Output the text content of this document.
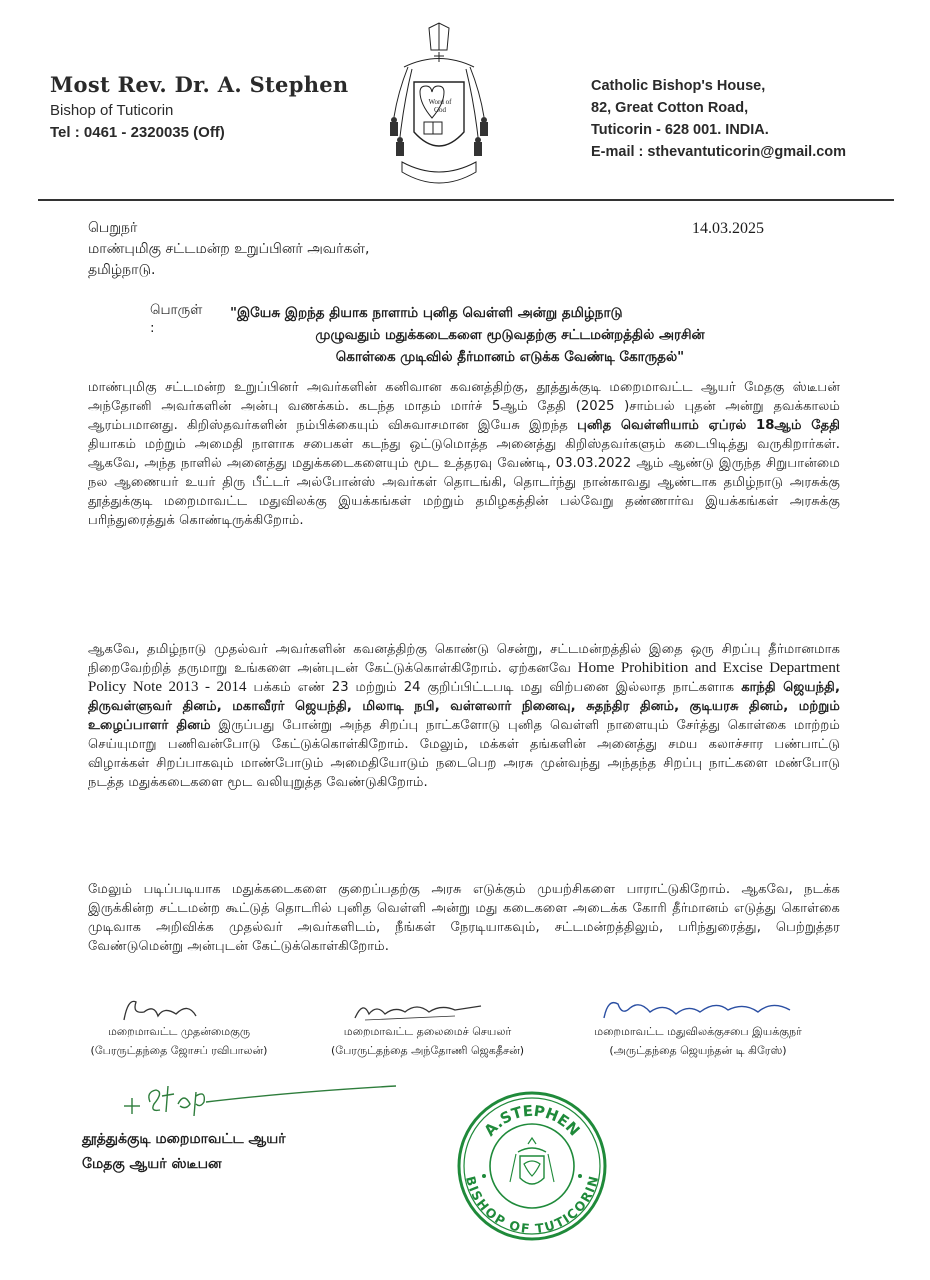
Most Rev. Dr. A. Stephen
Bishop of Tuticorin
Tel : 0461 - 2320035 (Off)
Word of God
Catholic Bishop's House,
82, Great Cotton Road,
Tuticorin - 628 001. INDIA.
E-mail : sthevantuticorin@gmail.com
பெறுநர்
மாண்புமிகு சட்டமன்ற உறுப்பினர் அவர்கள்,
தமிழ்நாடு.
14.03.2025
பொருள் :
"இயேசு இறந்த தியாக நாளாம் புனித வெள்ளி அன்று தமிழ்நாடு
முழுவதும் மதுக்கடைகளை மூடுவதற்கு சட்டமன்றத்தில் அரசின்
கொள்கை முடிவில் தீர்மானம் எடுக்க வேண்டி கோருதல்"
மாண்புமிகு சட்டமன்ற உறுப்பினர் அவர்களின் கனிவான கவனத்திற்கு, தூத்துக்குடி மறைமாவட்ட ஆயர் மேதகு ஸ்டீபன் அந்தோனி அவர்களின் அன்பு வணக்கம். கடந்த மாதம் மார்ச் 5ஆம் தேதி (2025 )சாம்பல் புதன் அன்று தவக்காலம் ஆரம்பமானது. கிறிஸ்தவர்களின் நம்பிக்கையும் விசுவாசமான இயேசு இறந்த புனித வெள்ளியாம் ஏப்ரல் 18ஆம் தேதி தியாகம் மற்றும் அமைதி நாளாக சபைகள் கடந்து ஒட்டுமொத்த அனைத்து கிறிஸ்தவர்களும் கடைபிடித்து வருகிறார்கள். ஆகவே, அந்த நாளில் அனைத்து மதுக்கடைகளையும் மூட உத்தரவு வேண்டி, 03.03.2022 ஆம் ஆண்டு இருந்த சிறுபான்மை நல ஆணையர் உயர் திரு பீட்டர் அல்போன்ஸ் அவர்கள் தொடங்கி, தொடர்ந்து நான்காவது ஆண்டாக தமிழ்நாடு அரசுக்கு தூத்துக்குடி மறைமாவட்ட மதுவிலக்கு இயக்கங்கள் மற்றும் தமிழகத்தின் பல்வேறு தண்ணார்வ இயக்கங்கள் அரசுக்கு பரிந்துரைத்துக் கொண்டிருக்கிறோம்.
ஆகவே, தமிழ்நாடு முதல்வர் அவர்களின் கவனத்திற்கு கொண்டு சென்று, சட்டமன்றத்தில் இதை ஒரு சிறப்பு தீர்மானமாக நிறைவேற்றித் தருமாறு உங்களை அன்புடன் கேட்டுக்கொள்கிறோம். ஏற்கனவே Home Prohibition and Excise Department Policy Note 2013 - 2014 பக்கம் எண் 23 மற்றும் 24 குறிப்பிட்டபடி மது விற்பனை இல்லாத நாட்களாக காந்தி ஜெயந்தி, திருவள்ளுவர் தினம், மகாவீரர் ஜெயந்தி, மிலாடி நபி, வள்ளலார் நினைவு, சுதந்திர தினம், குடியரசு தினம், மற்றும் உழைப்பாளர் தினம் இருப்பது போன்று அந்த சிறப்பு நாட்களோடு புனித வெள்ளி நாளையும் சேர்த்து கொள்கை மாற்றம் செய்யுமாறு பணிவன்போடு கேட்டுக்கொள்கிறோம். மேலும், மக்கள் தங்களின் அனைத்து சமய கலாச்சார பண்பாட்டு விழாக்கள் சிறப்பாகவும் மாண்போடும் அமைதியோடும் நடைபெற அரசு முன்வந்து அந்தந்த சிறப்பு நாட்களை மண்போடு நடத்த மதுக்கடைகளை மூட வலியுறுத்த வேண்டுகிறோம்.
மேலும் படிப்படியாக மதுக்கடைகளை குறைப்பதற்கு அரசு எடுக்கும் முயற்சிகளை பாராட்டுகிறோம். ஆகவே, நடக்க இருக்கின்ற சட்டமன்ற கூட்டுத் தொடரில் புனித வெள்ளி அன்று மது கடைகளை அடைக்க கோரி தீர்மானம் எடுத்து கொள்கை முடிவாக அறிவிக்க முதல்வர் அவர்களிடம், நீங்கள் நேரடியாகவும், சட்டமன்றத்திலும், பரிந்துரைத்து, பெற்றுத்தர வேண்டுமென்று அன்புடன் கேட்டுக்கொள்கிறோம்.
மறைமாவட்ட முதன்மைகுரு
(பேரருட்தந்தை ஜோசப் ரவிபாலன்)
மறைமாவட்ட தலைமைச் செயலர்
(பேரருட்தந்தை அந்தோணி ஜெகதீசன்)
மறைமாவட்ட மதுவிலக்குசபை இயக்குநர்
(அருட்தந்தை ஜெயந்தன் டி கிரேஸ்)
தூத்துக்குடி மறைமாவட்ட ஆயர்
மேதகு ஆயர் ஸ்டீபன
A.STEPHEN
BISHOP OF TUTICORIN
